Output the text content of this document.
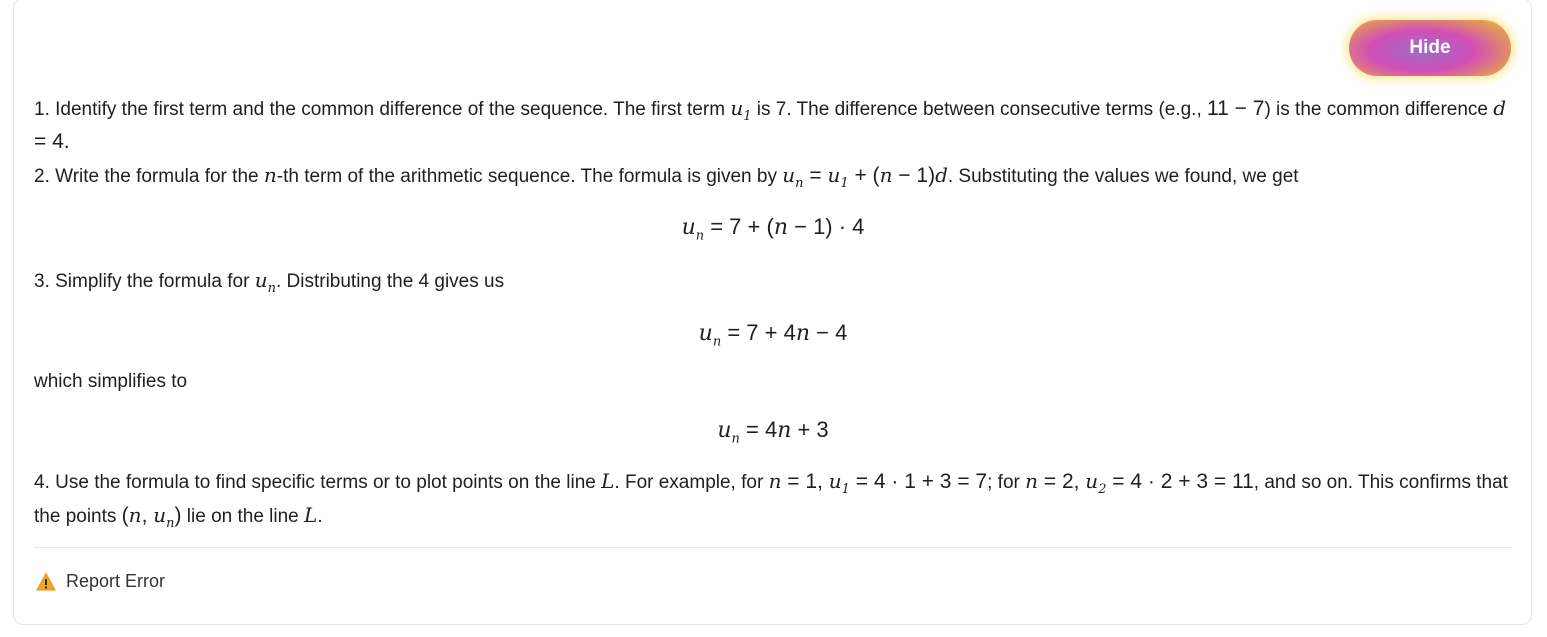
Hide

1. Identify the first term and the common difference of the sequence. The first term $u_1$ is 7. The difference between consecutive terms (e.g., 11 − 7) is the common difference d = 4.

2. Write the formula for the n-th term of the arithmetic sequence. The formula is given by $u_n = u_1 + (n - 1)d$. Substituting the values we found, we get

$u_n = 7 + (n - 1) \cdot 4$

3. Simplify the formula for $u_n$. Distributing the 4 gives us

$u_n = 7 + 4n - 4$

which simplifies to

$u_n = 4n + 3$

4. Use the formula to find specific terms or to plot points on the line L. For example, for n = 1, $u_1 = 4 \cdot 1 + 3 = 7$; for n = 2, $u_2 = 4 \cdot 2 + 3 = 11$, and so on. This confirms that the points (n, $u_n$) lie on the line L.

Report Error
